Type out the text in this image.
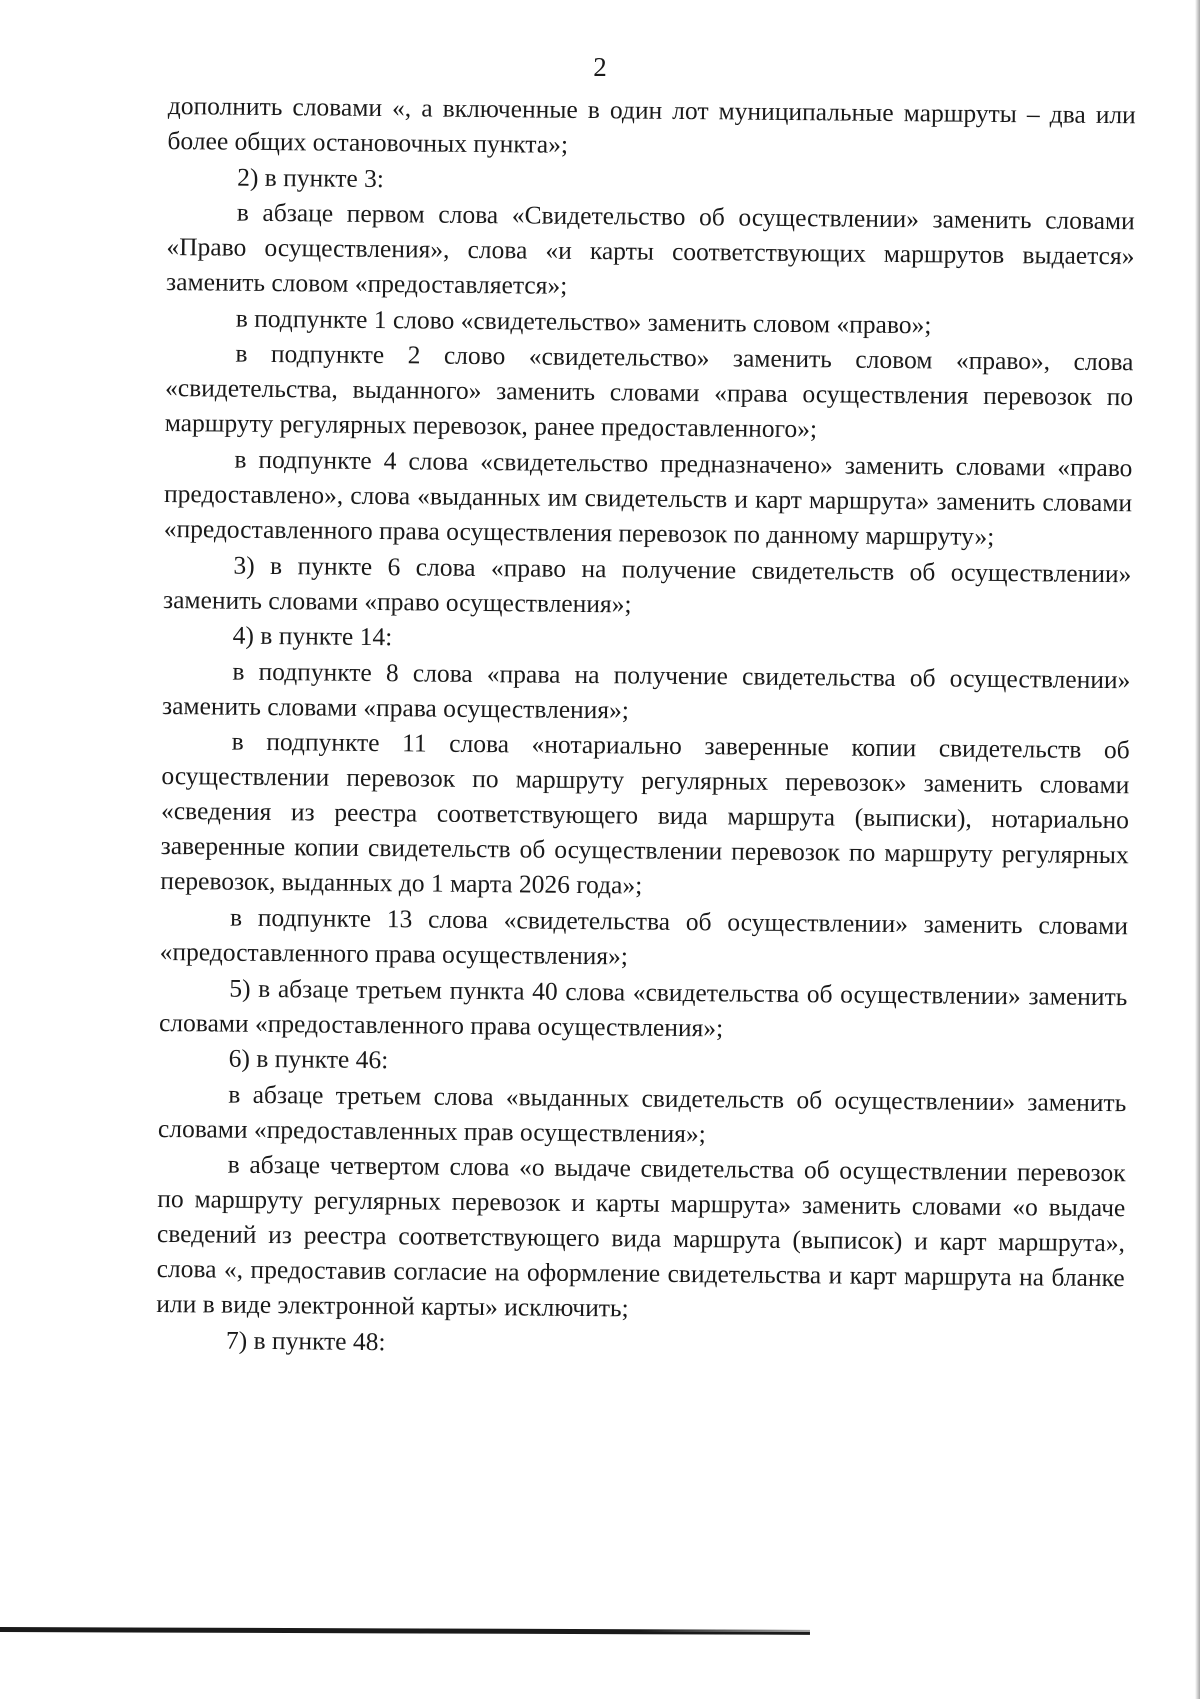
2

дополнить словами «, а включенные в один лот муниципальные маршруты – два или более общих остановочных пункта»;

2) в пункте 3:

в абзаце первом слова «Свидетельство об осуществлении» заменить словами «Право осуществления», слова «и карты соответствующих маршрутов выдается» заменить словом «предоставляется»;

в подпункте 1 слово «свидетельство» заменить словом «право»;

в подпункте 2 слово «свидетельство» заменить словом «право», слова «свидетельства, выданного» заменить словами «права осуществления перевозок по маршруту регулярных перевозок, ранее предоставленного»;

в подпункте 4 слова «свидетельство предназначено» заменить словами «право предоставлено», слова «выданных им свидетельств и карт маршрута» заменить словами «предоставленного права осуществления перевозок по данному маршруту»;

3) в пункте 6 слова «право на получение свидетельств об осуществлении» заменить словами «право осуществления»;

4) в пункте 14:

в подпункте 8 слова «права на получение свидетельства об осуществлении» заменить словами «права осуществления»;

в подпункте 11 слова «нотариально заверенные копии свидетельств об осуществлении перевозок по маршруту регулярных перевозок» заменить словами «сведения из реестра соответствующего вида маршрута (выписки), нотариально заверенные копии свидетельств об осуществлении перевозок по маршруту регулярных перевозок, выданных до 1 марта 2026 года»;

в подпункте 13 слова «свидетельства об осуществлении» заменить словами «предоставленного права осуществления»;

5) в абзаце третьем пункта 40 слова «свидетельства об осуществлении» заменить словами «предоставленного права осуществления»;

6) в пункте 46:

в абзаце третьем слова «выданных свидетельств об осуществлении» заменить словами «предоставленных прав осуществления»;

в абзаце четвертом слова «о выдаче свидетельства об осуществлении перевозок по маршруту регулярных перевозок и карты маршрута» заменить словами «о выдаче сведений из реестра соответствующего вида маршрута (выписок) и карт маршрута», слова «, предоставив согласие на оформление свидетельства и карт маршрута на бланке или в виде электронной карты» исключить;

7) в пункте 48:
